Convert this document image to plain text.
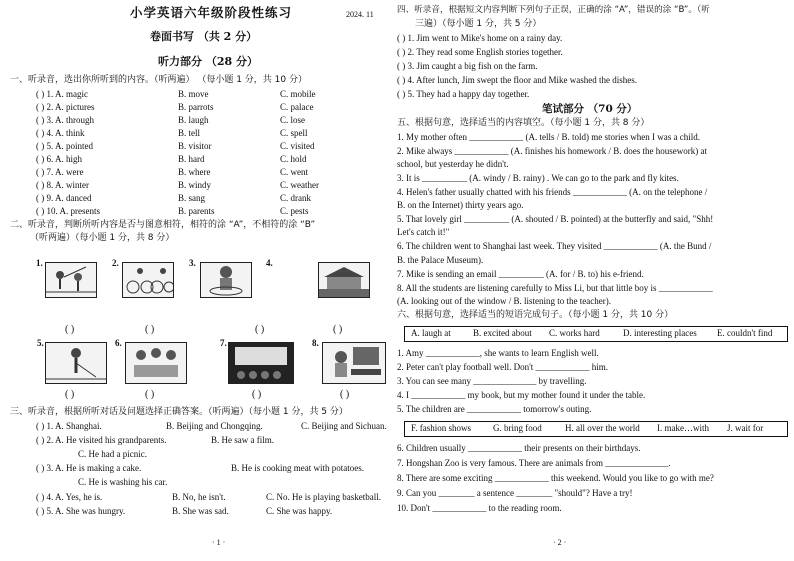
小学英语六年级阶段性练习	2024. 11
卷面书写 （共 2 分）
听力部分 （28 分）
一、听录音，选出你所听到的内容。（听两遍） （每小题 1 分，共 10 分）
( ) 1. A. magic	B. move	C. mobile
( ) 2. A. pictures	B. parrots	C. palace
( ) 3. A. through	B. laugh	C. lose
( ) 4. A. think	B. tell	C. spell
( ) 5. A. pointed	B. visitor	C. visited
( ) 6. A. high	B. hard	C. hold
( ) 7. A. were	B. where	C. went
( ) 8. A. winter	B. windy	C. weather
( ) 9. A. danced	B. sang	C. drank
( ) 10. A. presents	B. parents	C. pests
二、听录音，判断所听内容是否与图意相符，相符的涂 “A”，不相符的涂 “B”
（听两遍）（每小题 1 分，共 8 分）
1.	2.	3.	4.
( )	( )	( )	( )
5.	6.	7.	8.
( )	( )	( )	( )
三、听录音，根据所听对话及问题选择正确答案。（听两遍）（每小题 1 分，共 5 分）
( ) 1. A. Shanghai.	B. Beijing and Chongqing.	C. Beijing and Sichuan.
( ) 2. A. He visited his grandparents.	B. He saw a film.
C. He had a picnic.
( ) 3. A. He is making a cake.	B. He is cooking meat with potatoes.
C. He is washing his car.
( ) 4. A. Yes, he is.	B. No, he isn't.	C. No. He is playing basketball.
( ) 5. A. She was hungry.	B. She was sad.	C. She was happy.
· 1 ·
四、听录音，根据短文内容判断下列句子正误，正确的涂 “A”，错误的涂 “B”。（听
三遍）（每小题 1 分，共 5 分）
( ) 1. Jim went to Mike's home on a rainy day.
( ) 2. They read some English stories together.
( ) 3. Jim caught a big fish on the farm.
( ) 4. After lunch, Jim swept the floor and Mike washed the dishes.
( ) 5. They had a happy day together.
笔试部分 （70 分）
五、根据句意，选择适当的内容填空。（每小题 1 分，共 8 分）
1. My mother often ____________ (A. tells / B. told) me stories when I was a child.
2. Mike always ____________ (A. finishes his homework / B. does the housework) at
school, but yesterday he didn't.
3. It is __________ (A. windy / B. rainy) . We can go to the park and fly kites.
4. Helen's father usually chatted with his friends ____________ (A. on the telephone /
B. on the Internet) thirty years ago.
5. That lovely girl __________ (A. shouted / B. pointed) at the butterfly and said, "Shh!
Let's catch it!"
6. The children went to Shanghai last week. They visited ____________ (A. the Bund /
B. the Palace Museum).
7. Mike is sending an email __________ (A. for / B. to) his e-friend.
8. All the students are listening carefully to Miss Li, but that little boy is ____________
(A. looking out of the window / B. listening to the teacher).
六、根据句意，选择适当的短语完成句子。（每小题 1 分，共 10 分）
A. laugh at B. excited about C. works hard	D. interesting places E. couldn't find
1. Amy ____________, she wants to learn English well.
2. Peter can't play football well. Don't ____________ him.
3. You can see many ______________ by travelling.
4. I ____________ my book, but my mother found it under the table.
5. The children are ____________ tomorrow's outing.
F. fashion shows G. bring food	H. all over the world I. make…with J. wait for
6. Children usually ____________ their presents on their birthdays.
7. Hongshan Zoo is very famous. There are animals from ______________.
8. There are some exciting ____________ this weekend. Would you like to go with me?
9. Can you ________ a sentence ________ "should"? Have a try!
10. Don't ____________ to the reading room.
· 2 ·
